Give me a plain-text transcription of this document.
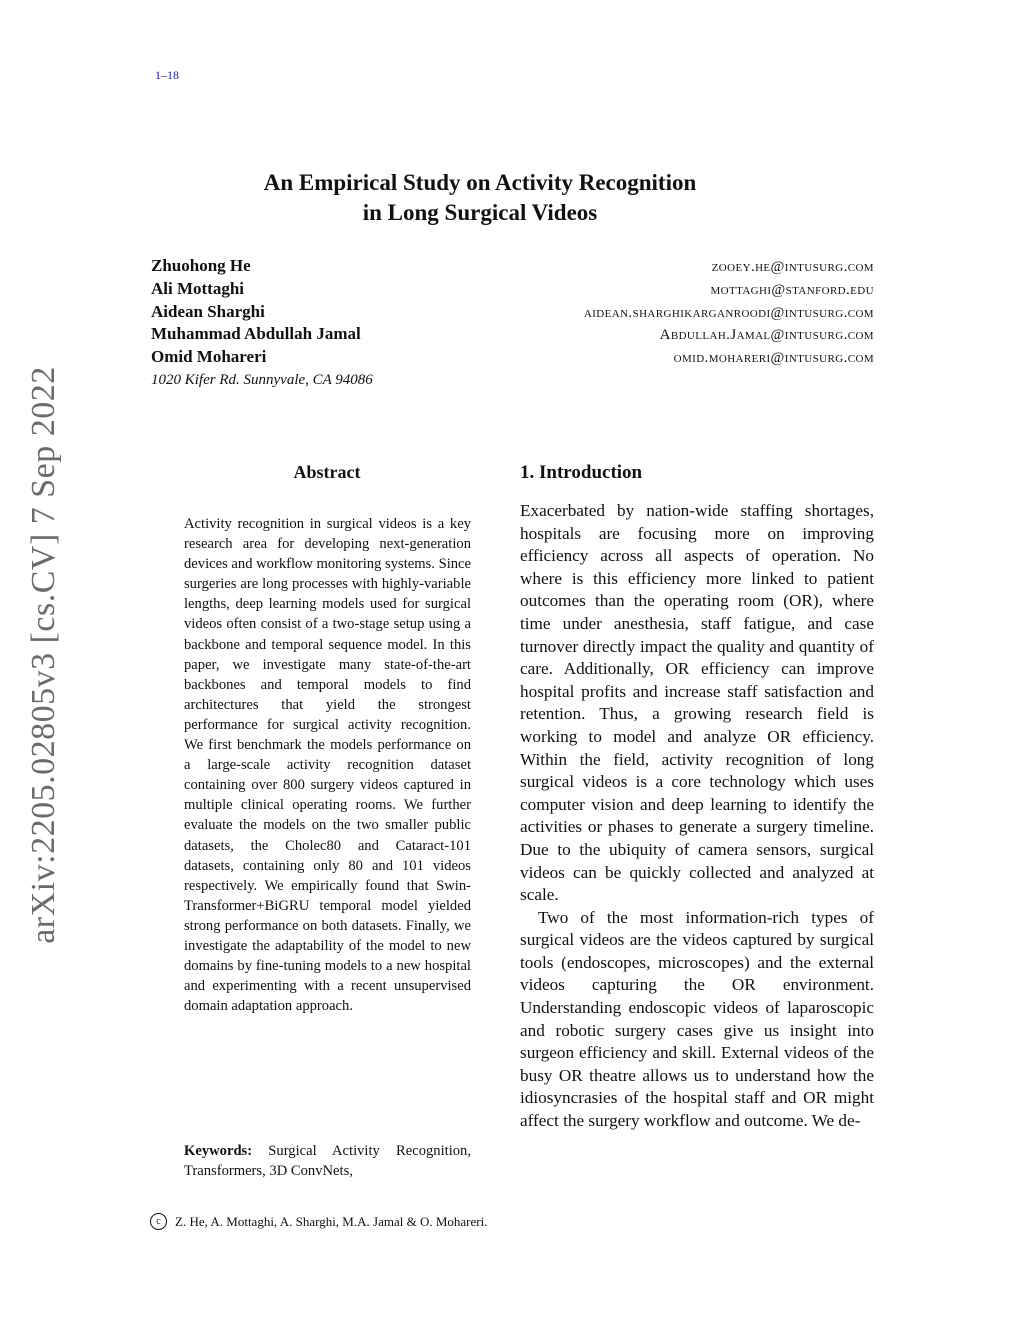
1–18
arXiv:2205.02805v3 [cs.CV] 7 Sep 2022
An Empirical Study on Activity Recognition
in Long Surgical Videos
Zhuohong He	zooey.he@intusurg.com
Ali Mottaghi	mottaghi@stanford.edu
Aidean Sharghi	aidean.sharghikarganroodi@intusurg.com
Muhammad Abdullah Jamal	Abdullah.Jamal@intusurg.com
Omid Mohareri	omid.mohareri@intusurg.com
1020 Kifer Rd. Sunnyvale, CA 94086
Abstract
Activity recognition in surgical videos is a key research area for developing next-generation devices and workflow monitoring systems. Since surgeries are long processes with highly-variable lengths, deep learning models used for surgical videos often consist of a two-stage setup using a backbone and temporal sequence model. In this paper, we investigate many state-of-the-art backbones and temporal models to find architectures that yield the strongest performance for surgical activity recognition. We first benchmark the models performance on a large-scale activity recognition dataset containing over 800 surgery videos captured in multiple clinical operating rooms. We further evaluate the models on the two smaller public datasets, the Cholec80 and Cataract-101 datasets, containing only 80 and 101 videos respectively. We empirically found that Swin-Transformer+BiGRU temporal model yielded strong performance on both datasets. Finally, we investigate the adaptability of the model to new domains by fine-tuning models to a new hospital and experimenting with a recent unsupervised domain adaptation approach.
Keywords: Surgical Activity Recognition, Transformers, 3D ConvNets,
1. Introduction

Exacerbated by nation-wide staffing shortages, hospitals are focusing more on improving efficiency across all aspects of operation. No where is this efficiency more linked to patient outcomes than the operating room (OR), where time under anesthesia, staff fatigue, and case turnover directly impact the quality and quantity of care. Additionally, OR efficiency can improve hospital profits and increase staff satisfaction and retention. Thus, a growing research field is working to model and analyze OR efficiency. Within the field, activity recognition of long surgical videos is a core technology which uses computer vision and deep learning to identify the activities or phases to generate a surgery timeline. Due to the ubiquity of camera sensors, surgical videos can be quickly collected and analyzed at scale.

Two of the most information-rich types of surgical videos are the videos captured by surgical tools (endoscopes, microscopes) and the external videos capturing the OR environment. Understanding endoscopic videos of laparoscopic and robotic surgery cases give us insight into surgeon efficiency and skill. External videos of the busy OR theatre allows us to understand how the idiosyncrasies of the hospital staff and OR might affect the surgery workflow and outcome. We de-

c	Z. He, A. Mottaghi, A. Sharghi, M.A. Jamal & O. Mohareri.
